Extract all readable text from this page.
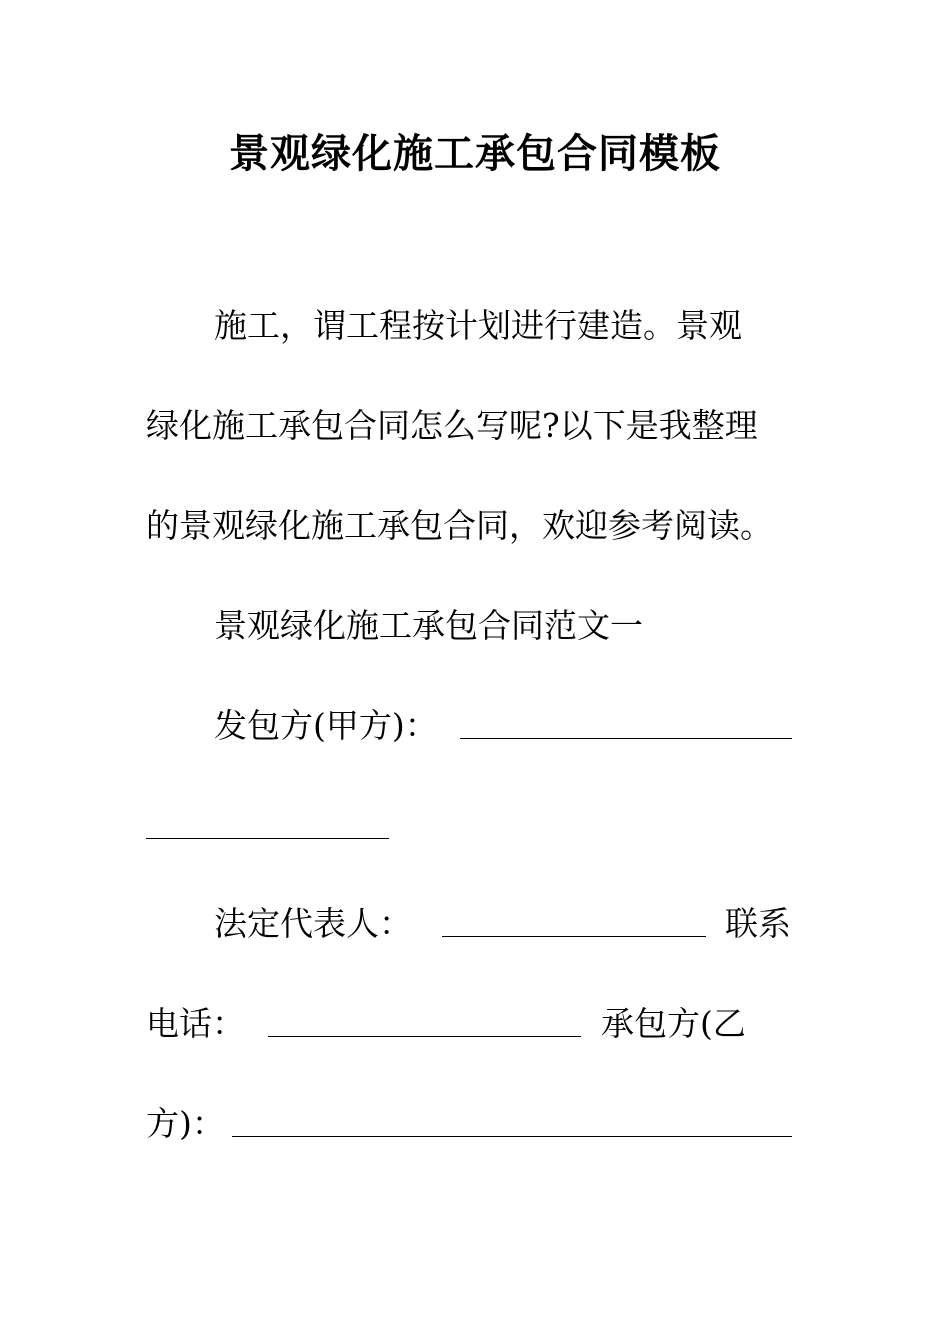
景观绿化施工承包合同模板
施工，谓工程按计划进行建造。景观
绿化施工承包合同怎么写呢?以下是我整理
的景观绿化施工承包合同，欢迎参考阅读。
景观绿化施工承包合同范文一
发包方(甲方)：
法定代表人：	联系
电话：	承包方(乙
方)：
